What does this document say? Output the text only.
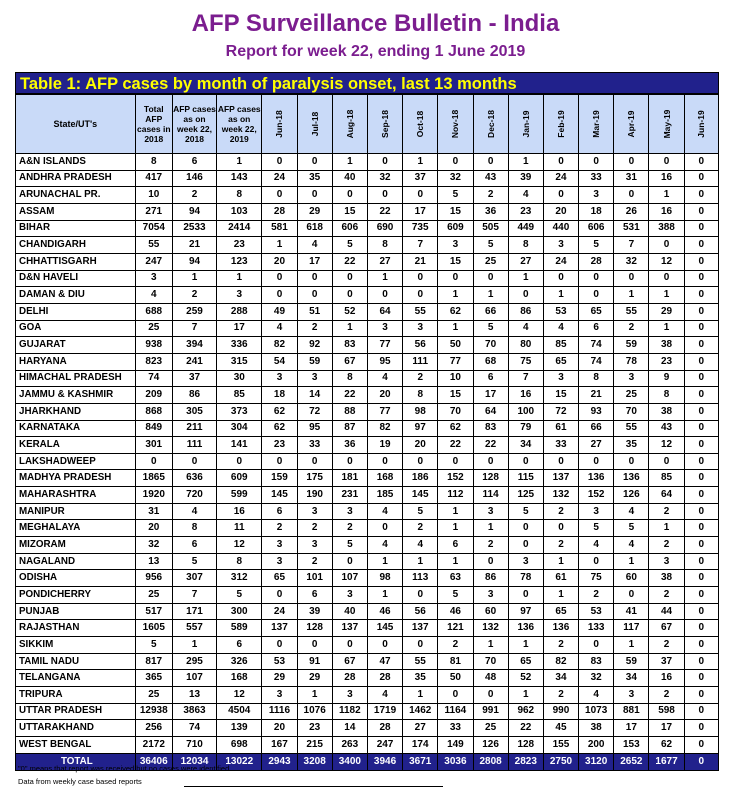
AFP Surveillance Bulletin - India
Report for week 22, ending 1 June 2019
Table 1: AFP cases by month of paralysis onset, last 13 months
State/UT's	Total AFP cases in 2018	AFP cases as on week 22, 2018	AFP cases as on week 22, 2019	Jun-18	Jul-18	Aug-18	Sep-18	Oct-18	Nov-18	Dec-18	Jan-19	Feb-19	Mar-19	Apr-19	May-19	Jun-19

A&N ISLANDS	8	6	1	0	0	1	0	1	0	0	1	0	0	0	0	0
ANDHRA PRADESH	417	146	143	24	35	40	32	37	32	43	39	24	33	31	16	0
ARUNACHAL PR.	10	2	8	0	0	0	0	0	5	2	4	0	3	0	1	0
ASSAM	271	94	103	28	29	15	22	17	15	36	23	20	18	26	16	0
BIHAR	7054	2533	2414	581	618	606	690	735	609	505	449	440	606	531	388	0
CHANDIGARH	55	21	23	1	4	5	8	7	3	5	8	3	5	7	0	0
CHHATTISGARH	247	94	123	20	17	22	27	21	15	25	27	24	28	32	12	0
D&N HAVELI	3	1	1	0	0	0	1	0	0	0	1	0	0	0	0	0
DAMAN & DIU	4	2	3	0	0	0	0	0	1	1	0	1	0	1	1	0
DELHI	688	259	288	49	51	52	64	55	62	66	86	53	65	55	29	0
GOA	25	7	17	4	2	1	3	3	1	5	4	4	6	2	1	0
GUJARAT	938	394	336	82	92	83	77	56	50	70	80	85	74	59	38	0
HARYANA	823	241	315	54	59	67	95	111	77	68	75	65	74	78	23	0
HIMACHAL PRADESH	74	37	30	3	3	8	4	2	10	6	7	3	8	3	9	0
JAMMU & KASHMIR	209	86	85	18	14	22	20	8	15	17	16	15	21	25	8	0
JHARKHAND	868	305	373	62	72	88	77	98	70	64	100	72	93	70	38	0
KARNATAKA	849	211	304	62	95	87	82	97	62	83	79	61	66	55	43	0
KERALA	301	111	141	23	33	36	19	20	22	22	34	33	27	35	12	0
LAKSHADWEEP	0	0	0	0	0	0	0	0	0	0	0	0	0	0	0	0
MADHYA PRADESH	1865	636	609	159	175	181	168	186	152	128	115	137	136	136	85	0
MAHARASHTRA	1920	720	599	145	190	231	185	145	112	114	125	132	152	126	64	0
MANIPUR	31	4	16	6	3	3	4	5	1	3	5	2	3	4	2	0
MEGHALAYA	20	8	11	2	2	2	0	2	1	1	0	0	5	5	1	0
MIZORAM	32	6	12	3	3	5	4	4	6	2	0	2	4	4	2	0
NAGALAND	13	5	8	3	2	0	1	1	1	0	3	1	0	1	3	0
ODISHA	956	307	312	65	101	107	98	113	63	86	78	61	75	60	38	0
PONDICHERRY	25	7	5	0	6	3	1	0	5	3	0	1	2	0	2	0
PUNJAB	517	171	300	24	39	40	46	56	46	60	97	65	53	41	44	0
RAJASTHAN	1605	557	589	137	128	137	145	137	121	132	136	136	133	117	67	0
SIKKIM	5	1	6	0	0	0	0	0	2	1	1	2	0	1	2	0
TAMIL NADU	817	295	326	53	91	67	47	55	81	70	65	82	83	59	37	0
TELANGANA	365	107	168	29	29	28	28	35	50	48	52	34	32	34	16	0
TRIPURA	25	13	12	3	1	3	4	1	0	0	1	2	4	3	2	0
UTTAR PRADESH	12938	3863	4504	1116	1076	1182	1719	1462	1164	991	962	990	1073	881	598	0
UTTARAKHAND	256	74	139	20	23	14	28	27	33	25	22	45	38	17	17	0
WEST BENGAL	2172	710	698	167	215	263	247	174	149	126	128	155	200	153	62	0
TOTAL	36406	12034	13022	2943	3208	3400	3946	3671	3036	2808	2823	2750	3120	2652	1677	0
"0" means that report was received but no cases were identified
Data from weekly case based reports
